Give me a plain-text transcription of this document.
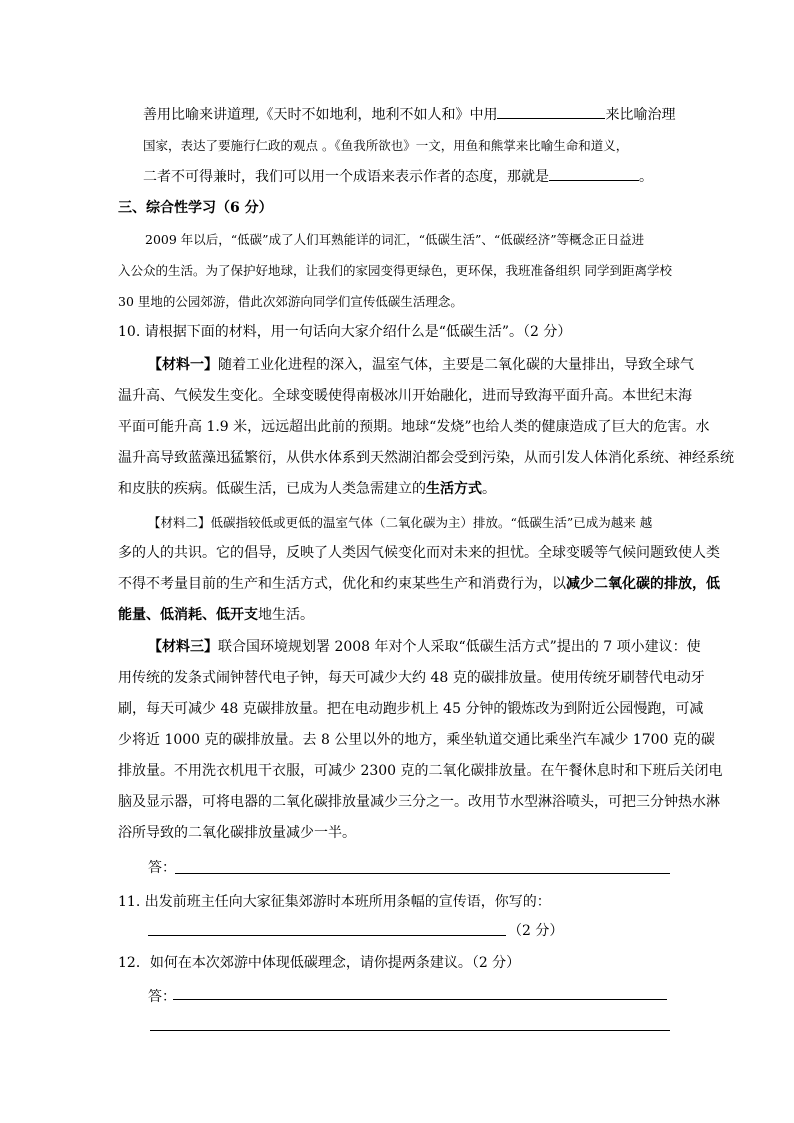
善用比喻来讲道理,《天时不如地利，地利不如人和》中用	来比喻治理
国家，表达了要施行仁政的观点 。《鱼我所欲也》一文，用鱼和熊掌来比喻生命和道义，
二者不可得兼时，我们可以用一个成语来表示作者的态度，那就是	。
三、综合性学习（6 分）
2009 年以后，“低碳”成了人们耳熟能详的词汇，“低碳生活”、“低碳经济”等概念正日益进
入公众的生活。为了保护好地球，让我们的家园变得更绿色，更环保，我班准备组织 同学到距离学校
30 里地的公园郊游，借此次郊游向同学们宣传低碳生活理念。
10. 请根据下面的材料，用一句话向大家介绍什么是“低碳生活”。（2 分）
【材料一】随着工业化进程的深入，温室气体，主要是二氧化碳的大量排出，导致全球气
温升高、气候发生变化。全球变暖使得南极冰川开始融化，进而导致海平面升高。本世纪末海
平面可能升高 1.9 米，远远超出此前的预期。地球“发烧”也给人类的健康造成了巨大的危害。水
温升高导致蓝藻迅猛繁衍，从供水体系到天然湖泊都会受到污染，从而引发人体消化系统、神经系统
和皮肤的疾病。低碳生活，已成为人类急需建立的生活方式。
【材料二】低碳指较低或更低的温室气体（二氧化碳为主）排放。“低碳生活”已成为越来 越
多的人的共识。它的倡导，反映了人类因气候变化而对未来的担忧。全球变暖等气候问题致使人类
不得不考量目前的生产和生活方式，优化和约束某些生产和消费行为，以减少二氧化碳的排放，低
能量、低消耗、低开支地生活。
【材料三】联合国环境规划署 2008 年对个人采取“低碳生活方式”提出的 7 项小建议：使
用传统的发条式闹钟替代电子钟，每天可减少大约 48 克的碳排放量。使用传统牙刷替代电动牙
刷，每天可减少 48 克碳排放量。把在电动跑步机上 45 分钟的锻炼改为到附近公园慢跑，可减
少将近 1000 克的碳排放量。去 8 公里以外的地方，乘坐轨道交通比乘坐汽车减少 1700 克的碳
排放量。不用洗衣机甩干衣服，可减少 2300 克的二氧化碳排放量。在午餐休息时和下班后关闭电
脑及显示器，可将电器的二氧化碳排放量减少三分之一。改用节水型淋浴喷头，可把三分钟热水淋
浴所导致的二氧化碳排放量减少一半。
答：
11. 出发前班主任向大家征集郊游时本班所用条幅的宣传语，你写的：
（2 分）
12．如何在本次郊游中体现低碳理念，请你提两条建议。（2 分）
答：
